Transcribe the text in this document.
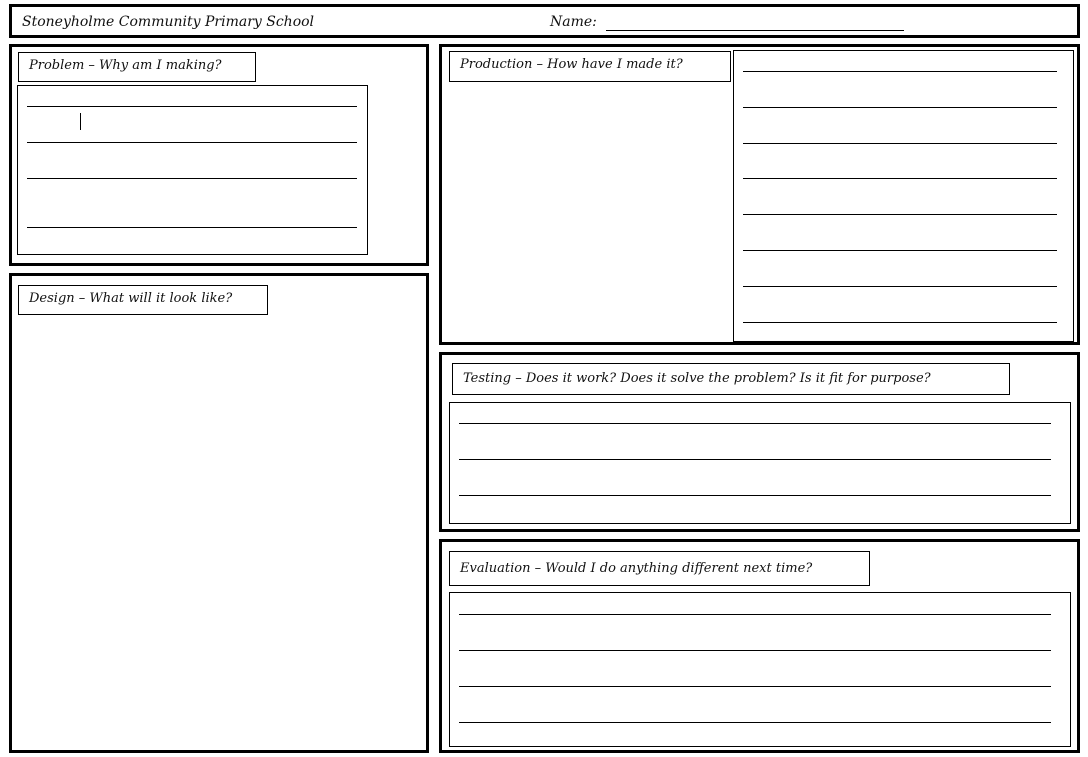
Stoneyholme Community Primary School	Name:
Problem – Why am I making?
Design – What will it look like?
Production – How have I made it?
Testing – Does it work? Does it solve the problem? Is it fit for purpose?
Evaluation – Would I do anything different next time?
